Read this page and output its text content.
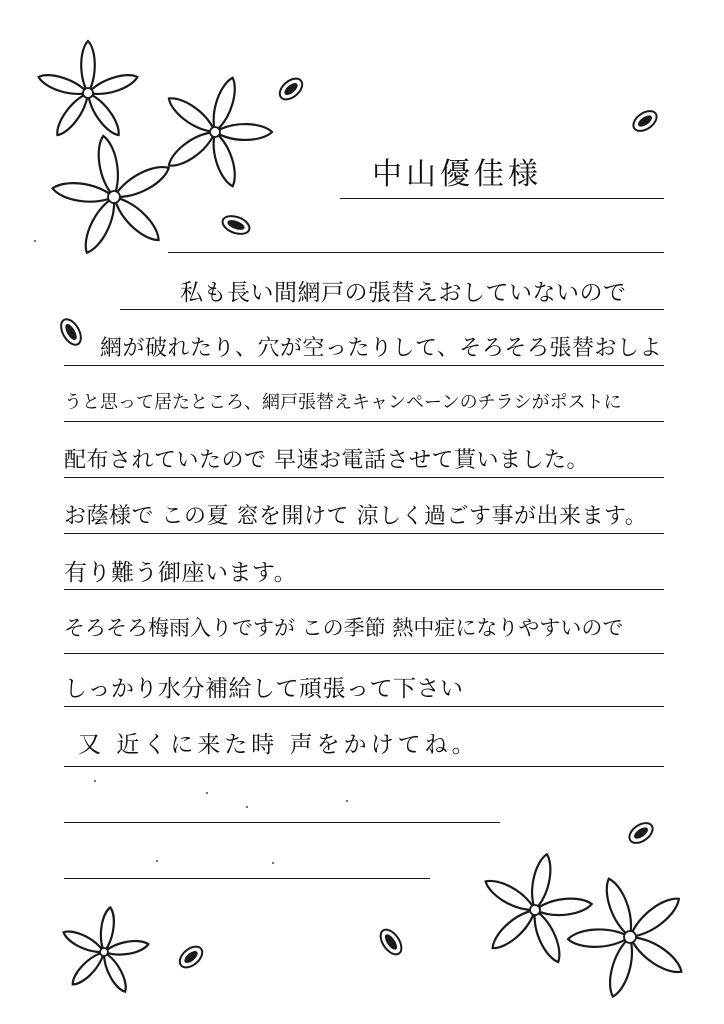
中山優佳様
私も長い間網戸の張替えおしていないので
網が破れたり、穴が空ったりして、そろそろ張替おしよ
うと思って居たところ、網戸張替えキャンペーンのチラシがポストに
配布されていたので 早速お電話させて貰いました。
お蔭様で この夏 窓を開けて 涼しく過ごす事が出来ます。
有り難う御座います。
そろそろ梅雨入りですが この季節 熱中症になりやすいので
しっかり水分補給して頑張って下さい
又 近くに来た時 声をかけてね。
